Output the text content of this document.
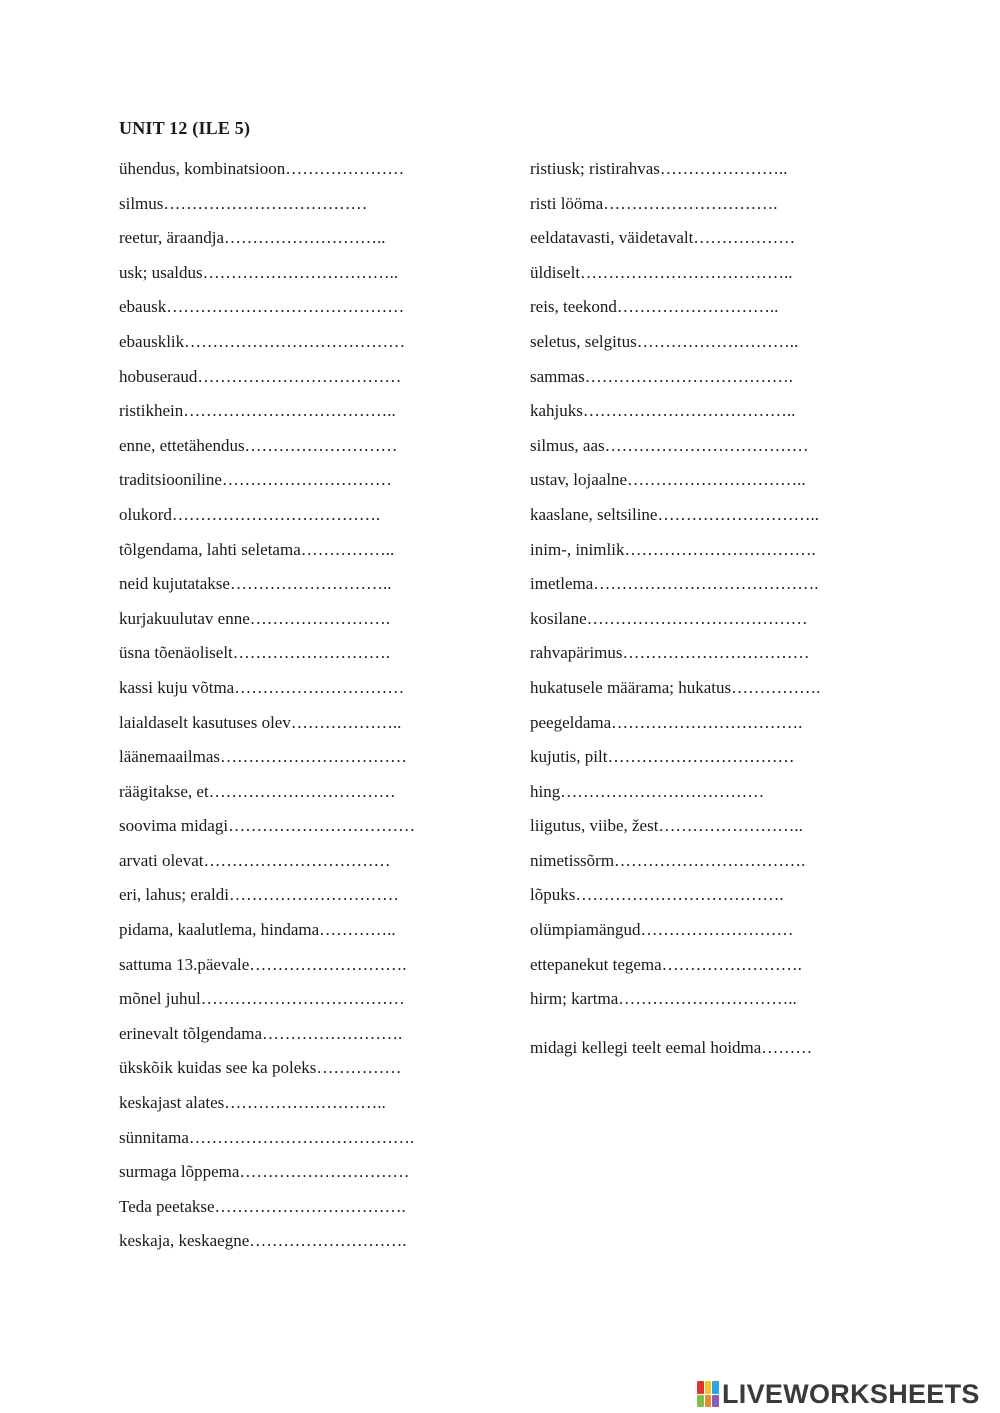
UNIT 12 (ILE 5)
ühendus, kombinatsioon…………………
silmus………………………………
reetur, äraandja………………………..
usk; usaldus……………………………..
ebausk……………………………………
ebausklik…………………………………
hobuseraud………………………………
ristikhein………………………………..
enne, ettetähendus………………………
traditsiooniline…………………………
olukord……………………………….
tõlgendama, lahti seletama……………..
neid kujutatakse………………………..
kurjakuulutav enne…………………….
üsna tõenäoliselt……………………….
kassi kuju võtma…………………………
laialdaselt kasutuses olev………………..
läänemaailmas……………………………
räägitakse, et……………………………
soovima midagi……………………………
arvati olevat……………………………
eri, lahus; eraldi…………………………
pidama, kaalutlema, hindama…………..
sattuma 13.päevale……………………….
mõnel juhul………………………………
erinevalt tõlgendama…………………….
ükskõik kuidas see ka poleks……………
keskajast alates………………………..
sünnitama………………………………….
surmaga lõppema…………………………
Teda peetakse…………………………….
keskaja, keskaegne……………………….
ristiusk; ristirahvas…………………..
risti lööma………………………….
eeldatavasti, väidetavalt………………
üldiselt………………………………..
reis, teekond………………………..
seletus, selgitus………………………..
sammas……………………………….
kahjuks………………………………..
silmus, aas………………………………
ustav, lojaalne…………………………..
kaaslane, seltsiline………………………..
inim-, inimlik…………………………….
imetlema………………………………….
kosilane…………………………………
rahvapärimus……………………………
hukatusele määrama; hukatus…………….
peegeldama…………………………….
kujutis, pilt……………………………
hing………………………………
liigutus, viibe, žest……………………..
nimetissõrm…………………………….
lõpuks……………………………….
olümpiamängud………………………
ettepanekut tegema…………………….
hirm; kartma…………………………..
midagi kellegi teelt eemal hoidma………
LIVEWORKSHEETS
